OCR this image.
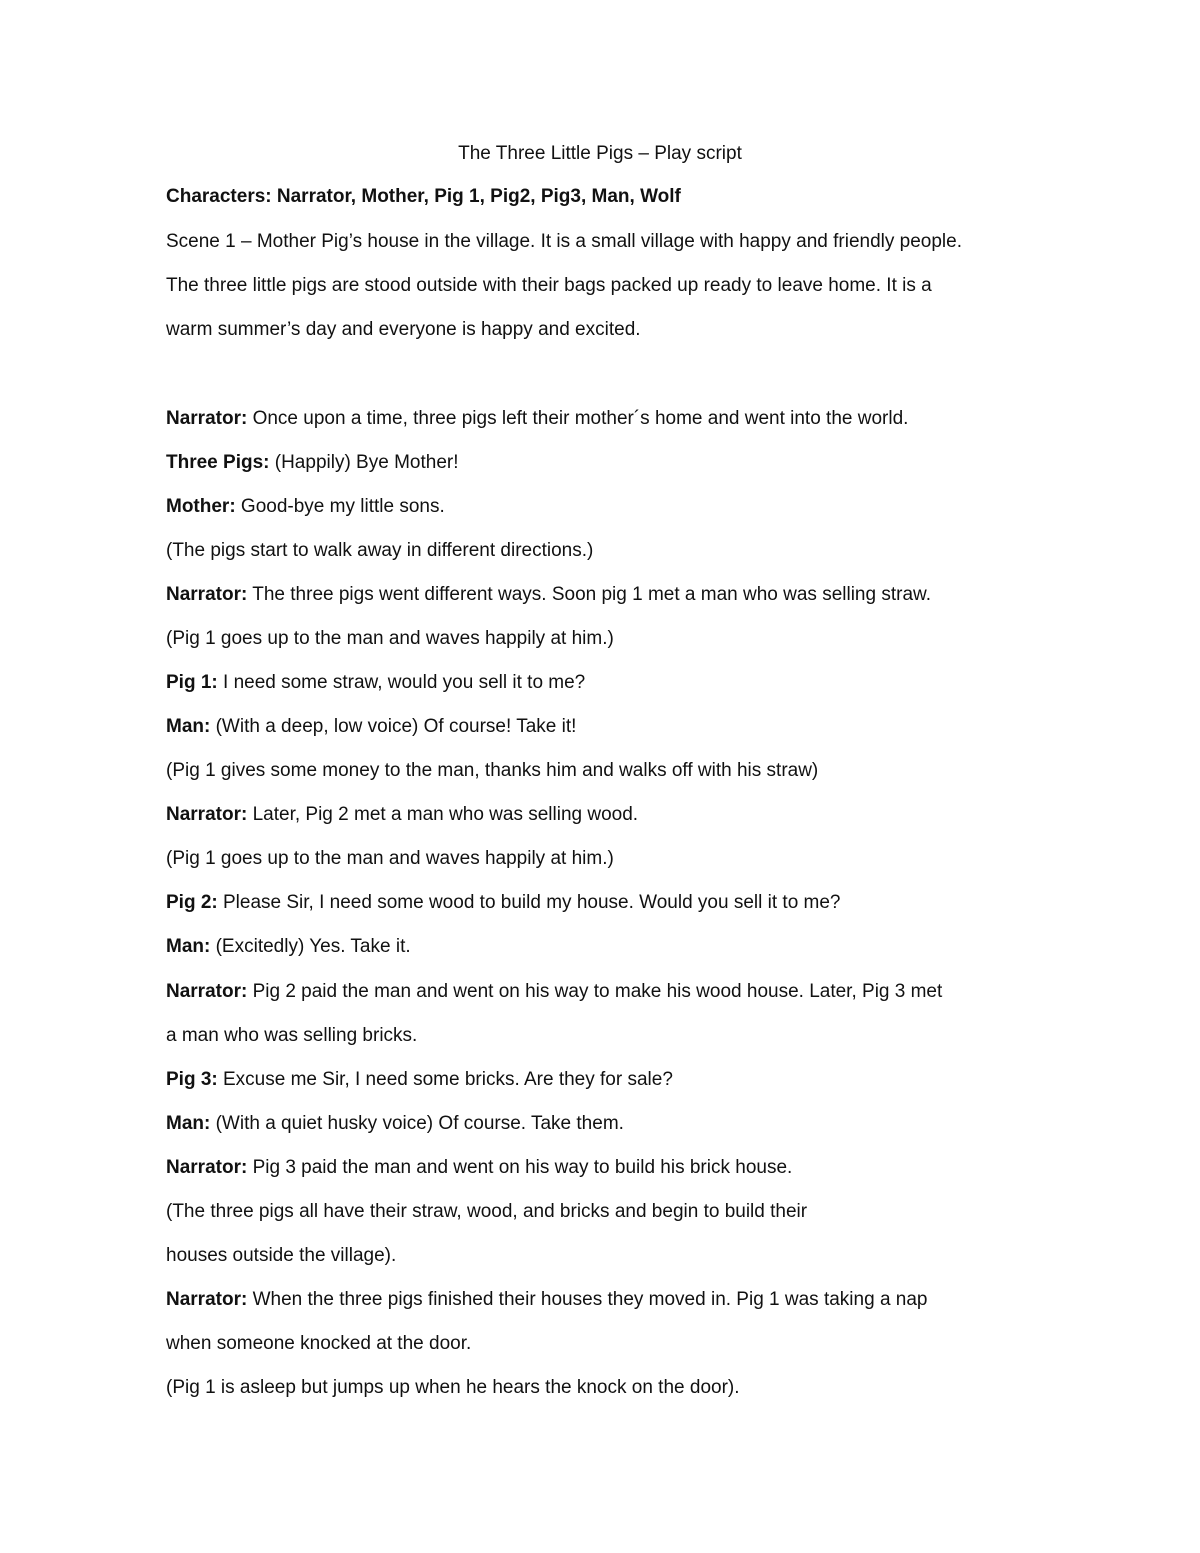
The Three Little Pigs – Play script
Characters: Narrator, Mother, Pig 1, Pig2, Pig3, Man, Wolf
Scene 1 – Mother Pig’s house in the village. It is a small village with happy and friendly people.
The three little pigs are stood outside with their bags packed up ready to leave home. It is a
warm summer’s day and everyone is happy and excited.
Narrator: Once upon a time, three pigs left their mother´s home and went into the world.
Three Pigs: (Happily) Bye Mother!
Mother: Good-bye my little sons.
(The pigs start to walk away in different directions.)
Narrator: The three pigs went different ways. Soon pig 1 met a man who was selling straw.
(Pig 1 goes up to the man and waves happily at him.)
Pig 1: I need some straw, would you sell it to me?
Man: (With a deep, low voice) Of course! Take it!
(Pig 1 gives some money to the man, thanks him and walks off with his straw)
Narrator: Later, Pig 2 met a man who was selling wood.
(Pig 1 goes up to the man and waves happily at him.)
Pig 2: Please Sir, I need some wood to build my house. Would you sell it to me?
Man: (Excitedly) Yes. Take it.
Narrator: Pig 2 paid the man and went on his way to make his wood house. Later, Pig 3 met
a man who was selling bricks.
Pig 3: Excuse me Sir, I need some bricks. Are they for sale?
Man: (With a quiet husky voice) Of course. Take them.
Narrator: Pig 3 paid the man and went on his way to build his brick house.
(The three pigs all have their straw, wood, and bricks and begin to build their
houses outside the village).
Narrator: When the three pigs finished their houses they moved in. Pig 1 was taking a nap
when someone knocked at the door.
(Pig 1 is asleep but jumps up when he hears the knock on the door).
